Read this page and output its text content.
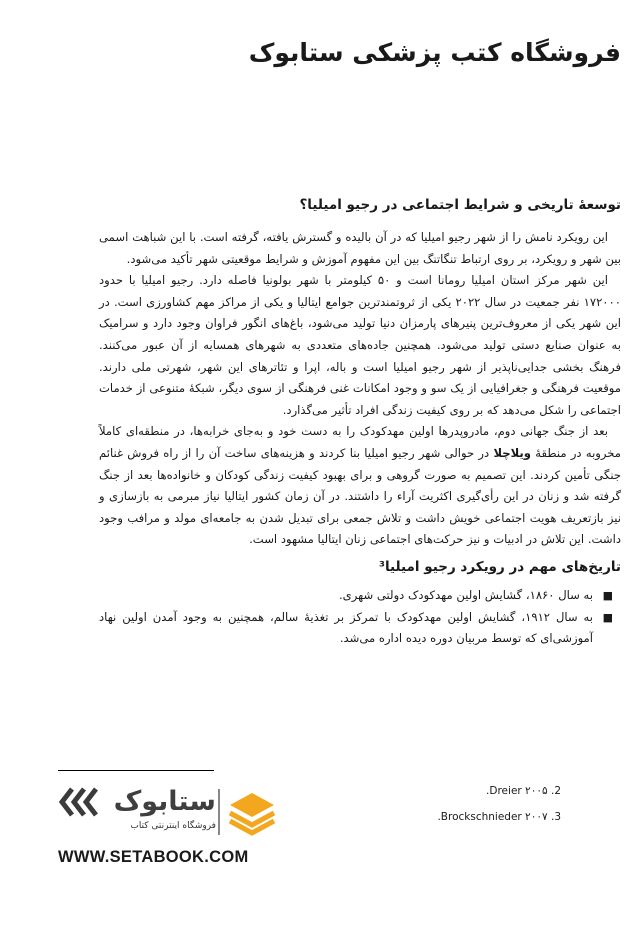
فروشگاه کتب پزشکی ستابوک
توسعهٔ تاریخی و شرایط اجتماعی در رجیو امیلیا؟

این رویکرد نامش را از شهر رجیو امیلیا که در آن بالیده و گسترش یافته، گرفته است. با این شباهت اسمی بین شهر و رویکرد، بر روی ارتباط تنگاتنگ بین این مفهوم آموزش و شرایط موقعیتی شهر تأکید می‌شود.

این شهر مرکز استان امیلیا رومانا است و ۵۰ کیلومتر با شهر بولونیا فاصله دارد. رجیو امیلیا با حدود ۱۷۲۰۰۰ نفر جمعیت در سال ۲۰۲۲ یکی از ثروتمندترین جوامع ایتالیا و یکی از مراکز مهم کشاورزی است. در این شهر یکی از معروف‌ترین پنیرهای پارمزان دنیا تولید می‌شود، باغ‌های انگور فراوان وجود دارد و سرامیک به عنوان صنایع دستی تولید می‌شود. همچنین جاده‌های متعددی به شهرهای همسایه از آن عبور می‌کنند. فرهنگ بخشی جدایی‌ناپذیر از شهر رجیو امیلیا است و باله، اپرا و تئاترهای این شهر، شهرتی ملی دارند. موقعیت فرهنگی و جغرافیایی از یک سو و وجود امکانات غنی فرهنگی از سوی دیگر، شبکهٔ متنوعی از خدمات اجتماعی را شکل می‌دهد که بر روی کیفیت زندگی افراد تأثیر می‌گذارد.

بعد از جنگ جهانی دوم، مادروپدرها اولین مهدکودک را به دست خود و به‌جای خرابه‌ها، در منطقه‌ای کاملاً مخروبه در منطقهٔ ویلاچلا در حوالی شهر رجیو امیلیا بنا کردند و هزینه‌های ساخت آن را از راه فروش غنائم جنگی تأمین کردند. این تصمیم به صورت گروهی و برای بهبود کیفیت زندگی کودکان و خانواده‌ها بعد از جنگ گرفته شد و زنان در این رأی‌گیری اکثریت آراء را داشتند. در آن زمان کشور ایتالیا نیاز مبرمی به بازسازی و نیز بازتعریف هویت اجتماعی خویش داشت و تلاش جمعی برای تبدیل شدن به جامعه‌ای مولد و مرافب وجود داشت. این تلاش در ادبیات و نیز حرکت‌های اجتماعی زنان ایتالیا مشهود است.

تاریخ‌های مهم در رویکرد رجیو امیلیا³
■
به سال ۱۸۶۰، گشایش اولین مهدکودک دولتی شهری.
■
به سال ۱۹۱۲، گشایش اولین مهدکودک با تمرکز بر تغذیهٔ سالم، همچنین به وجود آمدن اولین نهاد آموزشی‌ای که توسط مربیان دوره دیده اداره می‌شد.
2. Dreier ۲۰۰۵.
3. Brockschnieder ۲۰۰۷.
ستابوک
فروشگاه اینترنتی کتاب
WWW.SETABOOK.COM
